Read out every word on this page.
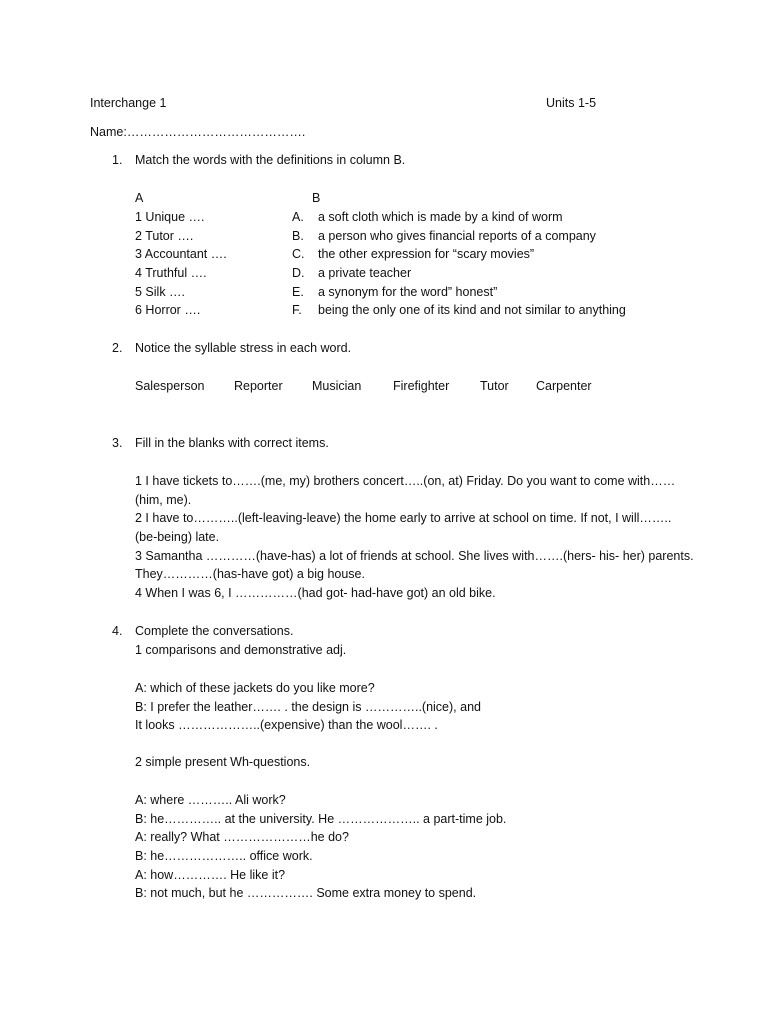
Interchange 1	Units 1-5
Name:…………………………………….
1. Match the words with the definitions in column B.
A	B
1 Unique ….	A. a soft cloth which is made by a kind of worm
2 Tutor ….	B. a person who gives financial reports of a company
3 Accountant ….	C. the other expression for “scary movies”
4 Truthful ….	D. a private teacher
5 Silk ….	E. a synonym for the word” honest”
6 Horror ….	F.	being the only one of its kind and not similar to anything
2. Notice the syllable stress in each word.
Salesperson Reporter Musician	Firefighter Tutor Carpenter
3. Fill in the blanks with correct items.
1 I have tickets to…….(me, my) brothers concert…..(on, at) Friday. Do you want to come with……
(him, me).
2 I have to………..(left-leaving-leave) the home early to arrive at school on time. If not, I will……..
(be-being) late.
3 Samantha …………(have-has) a lot of friends at school. She lives with…….(hers- his- her) parents.
They…………(has-have got) a big house.
4 When I was 6, I ……………(had got- had-have got) an old bike.
4. Complete the conversations.
1 comparisons and demonstrative adj.
A: which of these jackets do you like more?
B: I prefer the leather……. . the design is …………..(nice), and
It looks ………………..(expensive) than the wool……. .
2 simple present Wh-questions.
A: where ……….. Ali work?
B: he………….. at the university. He ……………….. a part-time job.
A: really? What …………………he do?
B: he……………….. office work.
A: how…………. He like it?
B: not much, but he ……………. Some extra money to spend.
